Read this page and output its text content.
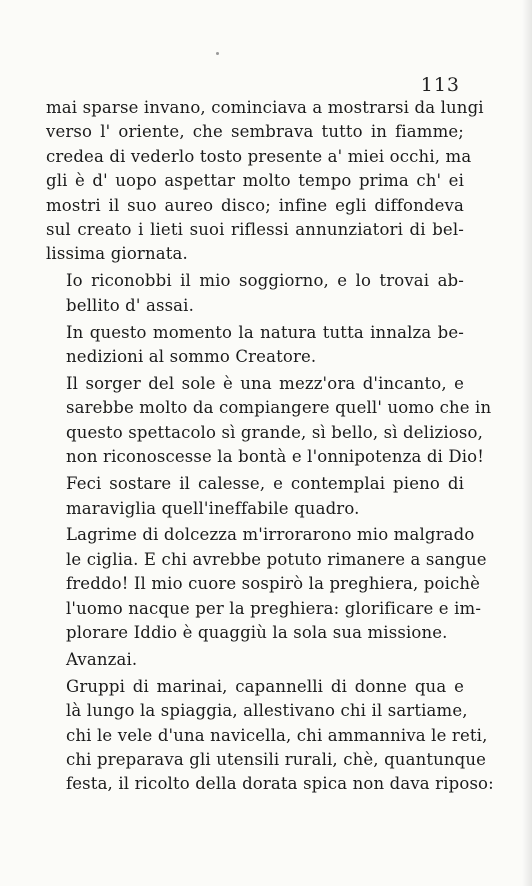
113
mai sparse invano, cominciava a mostrarsi da lungi
verso l' oriente, che sembrava tutto in fiamme;
credea di vederlo tosto presente a' miei occhi, ma
gli è d' uopo aspettar molto tempo prima ch' ei
mostri il suo aureo disco; infine egli diffondeva
sul creato i lieti suoi riflessi annunziatori di bel-
lissima giornata.
Io riconobbi il mio soggiorno, e lo trovai ab-
bellito d' assai.
In questo momento la natura tutta innalza be-
nedizioni al sommo Creatore.
Il sorger del sole è una mezz'ora d'incanto, e
sarebbe molto da compiangere quell' uomo che in
questo spettacolo sì grande, sì bello, sì delizioso,
non riconoscesse la bontà e l'onnipotenza di Dio!
Feci sostare il calesse, e contemplai pieno di
maraviglia quell'ineffabile quadro.
Lagrime di dolcezza m'irrorarono mio malgrado
le ciglia. E chi avrebbe potuto rimanere a sangue
freddo! Il mio cuore sospirò la preghiera, poichè
l'uomo nacque per la preghiera: glorificare e im-
plorare Iddio è quaggiù la sola sua missione.
Avanzai.
Gruppi di marinai, capannelli di donne qua e
là lungo la spiaggia, allestivano chi il sartiame,
chi le vele d'una navicella, chi ammanniva le reti,
chi preparava gli utensili rurali, chè, quantunque
festa, il ricolto della dorata spica non dava riposo:
